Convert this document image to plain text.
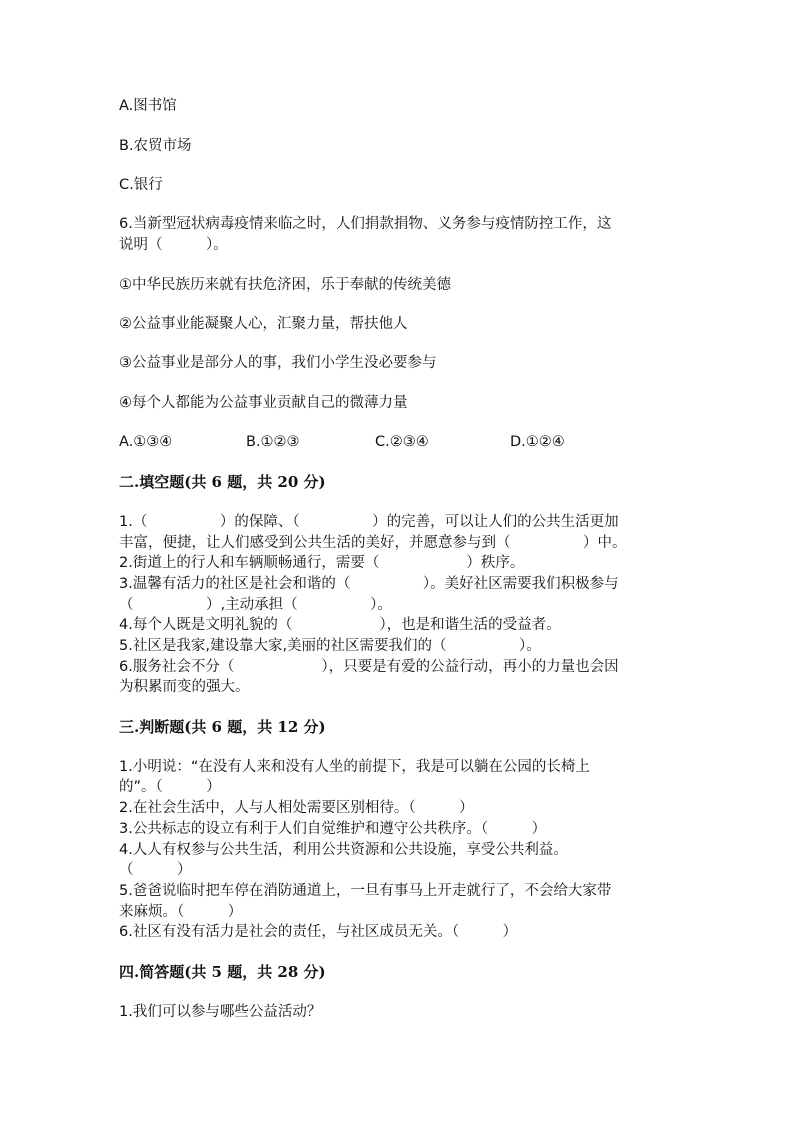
A.图书馆
B.农贸市场
C.银行
6.当新型冠状病毒疫情来临之时，人们捐款捐物、义务参与疫情防控工作，这
说明（　　　）。
①中华民族历来就有扶危济困，乐于奉献的传统美德
②公益事业能凝聚人心，汇聚力量，帮扶他人
③公益事业是部分人的事，我们小学生没必要参与
④每个人都能为公益事业贡献自己的微薄力量
A.①③④	B.①②③	C.②③④	D.①②④
二.填空题(共 6 题，共 20 分)
1.（　　　　　）的保障、（　　　　　）的完善，可以让人们的公共生活更加
丰富，便捷，让人们感受到公共生活的美好，并愿意参与到（　　　　　）中。
2.街道上的行人和车辆顺畅通行，需要（　　　　　　）秩序。
3.温馨有活力的社区是社会和谐的（　　　　　）。美好社区需要我们积极参与
（　　　　　）,主动承担（　　　　　）。
4.每个人既是文明礼貌的（　　　　　　），也是和谐生活的受益者。
5.社区是我家,建设靠大家,美丽的社区需要我们的（　　　　　）。
6.服务社会不分（　　　　　　），只要是有爱的公益行动，再小的力量也会因
为积累而变的强大。
三.判断题(共 6 题，共 12 分)
1.小明说：“在没有人来和没有人坐的前提下，我是可以躺在公园的长椅上
的”。（　　　）
2.在社会生活中，人与人相处需要区别相待。（　　　）
3.公共标志的设立有利于人们自觉维护和遵守公共秩序。（　　　）
4.人人有权参与公共生活，利用公共资源和公共设施，享受公共利益。
（　　　）
5.爸爸说临时把车停在消防通道上，一旦有事马上开走就行了，不会给大家带
来麻烦。（　　　）
6.社区有没有活力是社会的责任，与社区成员无关。（　　　）
四.简答题(共 5 题，共 28 分)
1.我们可以参与哪些公益活动？
